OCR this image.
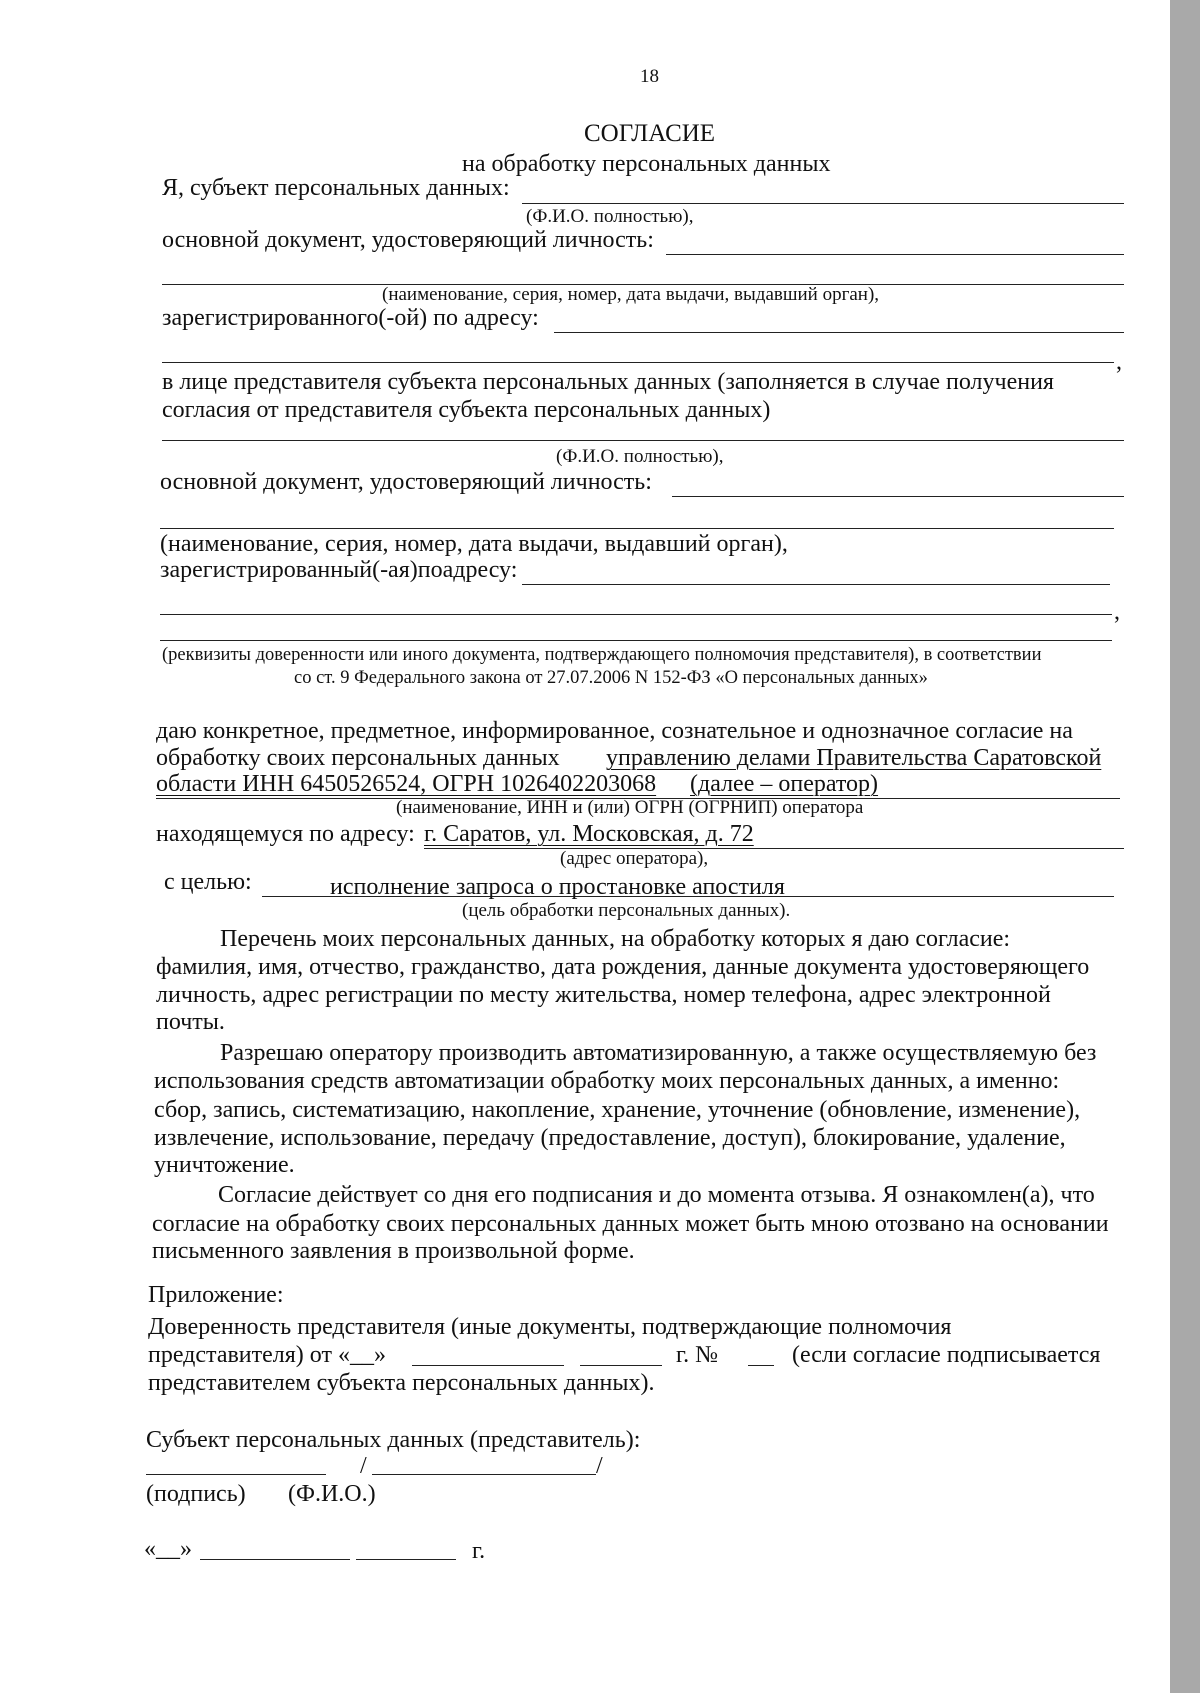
18
СОГЛАСИЕ
на обработку персональных данных
Я, субъект персональных данных:
(Ф.И.О. полностью),
основной документ, удостоверяющий личность:
(наименование, серия, номер, дата выдачи, выдавший орган),
зарегистрированного(-ой) по адресу:
,
в лице представителя субъекта персональных данных (заполняется в случае получения
согласия от представителя субъекта персональных данных)
(Ф.И.О. полностью),
основной документ, удостоверяющий личность:
(наименование, серия, номер, дата выдачи, выдавший орган),
зарегистрированный(-ая)поадресу:
,
(реквизиты доверенности или иного документа, подтверждающего полномочия представителя), в соответствии
со ст. 9 Федерального закона от 27.07.2006 N 152-ФЗ «О персональных данных»
даю конкретное, предметное, информированное, сознательное и однозначное согласие на
обработку своих персональных данных управлению делами Правительства Саратовской
области ИНН 6450526524, ОГРН 1026402203068 (далее – оператор)
(наименование, ИНН и (или) ОГРН (ОГРНИП) оператора
находящемуся по адресу: г. Саратов, ул. Московская, д. 72
(адрес оператора),
с целью:	исполнение запроса о простановке апостиля
(цель обработки персональных данных).
Перечень моих персональных данных, на обработку которых я даю согласие:
фамилия, имя, отчество, гражданство, дата рождения, данные документа удостоверяющего
личность, адрес регистрации по месту жительства, номер телефона, адрес электронной
почты.
Разрешаю оператору производить автоматизированную, а также осуществляемую без
использования средств автоматизации обработку моих персональных данных, а именно:
сбор, запись, систематизацию, накопление, хранение, уточнение (обновление, изменение),
извлечение, использование, передачу (предоставление, доступ), блокирование, удаление,
уничтожение.
Согласие действует со дня его подписания и до момента отзыва. Я ознакомлен(а), что
согласие на обработку своих персональных данных может быть мною отозвано на основании
письменного заявления в произвольной форме.
Приложение:
Доверенность представителя (иные документы, подтверждающие полномочия
представителя) от «__»	г. №	(если согласие подписывается
представителем субъекта персональных данных).
Субъект персональных данных (представитель):
/	/
(подпись) (Ф.И.О.)
«__»	г.
